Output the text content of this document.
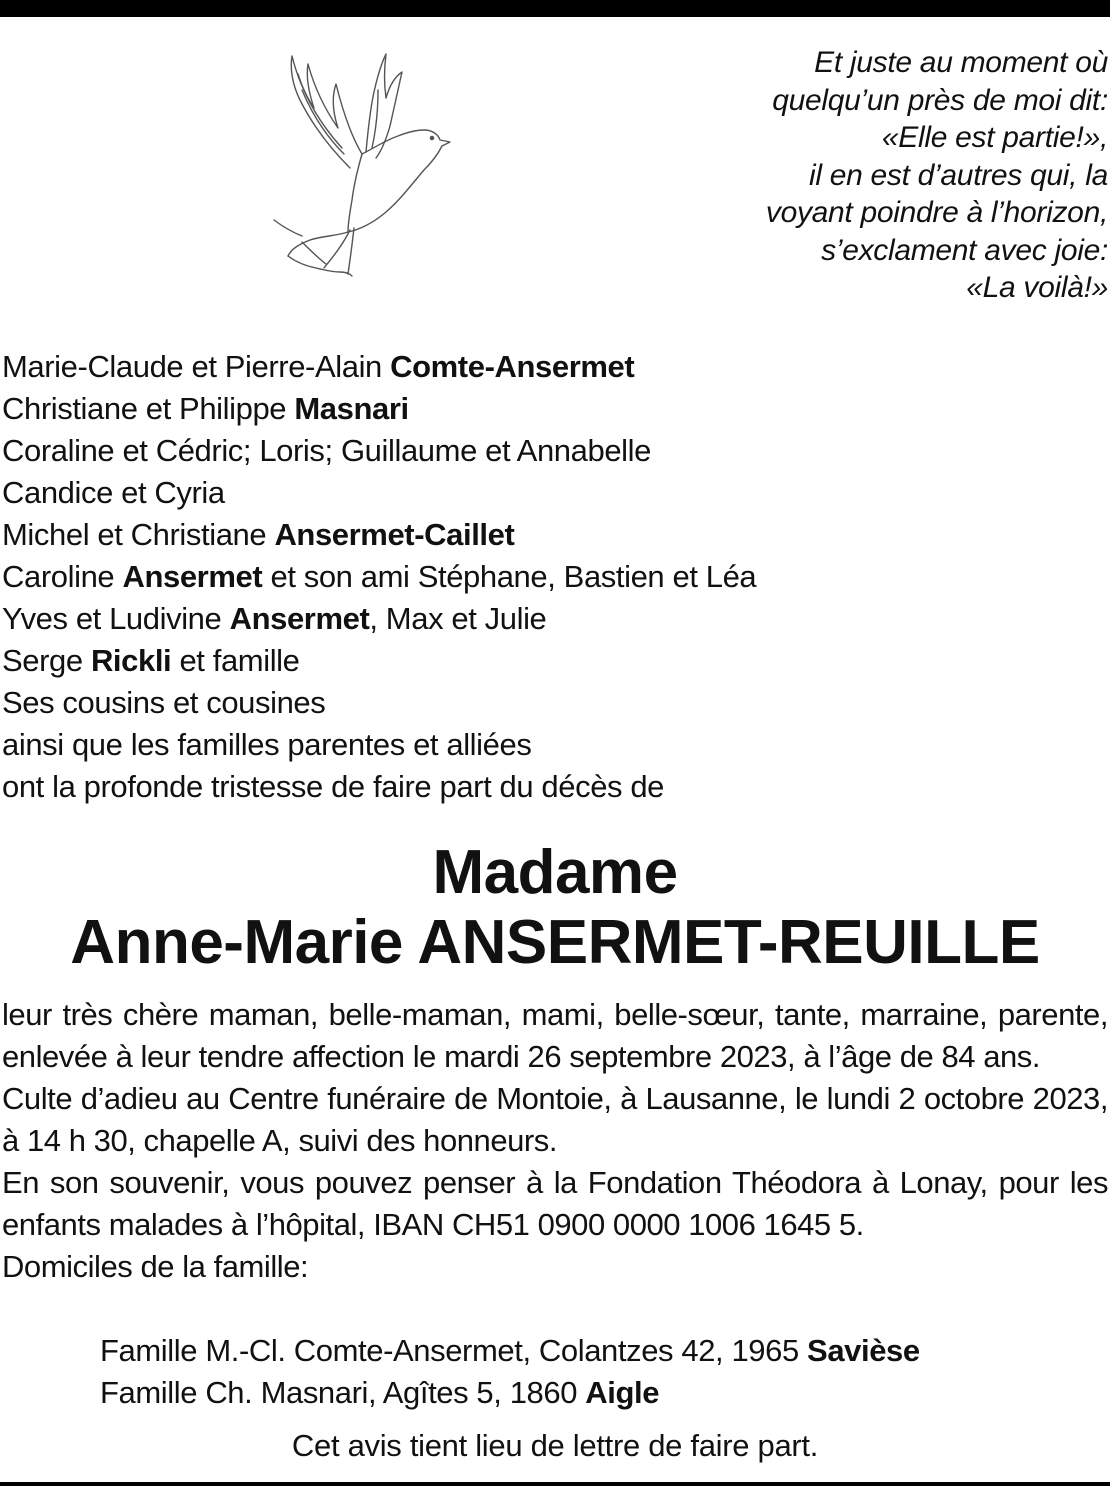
Et juste au moment où
quelqu’un près de moi dit:
«Elle est partie!»,
il en est d’autres qui, la
voyant poindre à l’horizon,
s’exclament avec joie:
«La voilà!»
Marie-Claude et Pierre-Alain Comte-Ansermet
Christiane et Philippe Masnari
Coraline et Cédric; Loris; Guillaume et Annabelle
Candice et Cyria
Michel et Christiane Ansermet-Caillet
Caroline Ansermet et son ami Stéphane, Bastien et Léa
Yves et Ludivine Ansermet, Max et Julie
Serge Rickli et famille
Ses cousins et cousines
ainsi que les familles parentes et alliées
ont la profonde tristesse de faire part du décès de
Madame
Anne-Marie ANSERMET-REUILLE

leur très chère maman, belle-maman, mami, belle-sœur, tante, marraine, parente, enlevée à leur tendre affection le mardi 26 septembre 2023, à l’âge de 84 ans.

Culte d’adieu au Centre funéraire de Montoie, à Lausanne, le lundi 2 octobre 2023, à 14 h 30, chapelle A, suivi des honneurs.

En son souvenir, vous pouvez penser à la Fondation Théodora à Lonay, pour les enfants malades à l’hôpital, IBAN CH51 0900 0000 1006 1645 5.

Domiciles de la famille:

Famille M.-Cl. Comte-Ansermet, Colantzes 42, 1965 Savièse
Famille Ch. Masnari, Agîtes 5, 1860 Aigle
Cet avis tient lieu de lettre de faire part.
